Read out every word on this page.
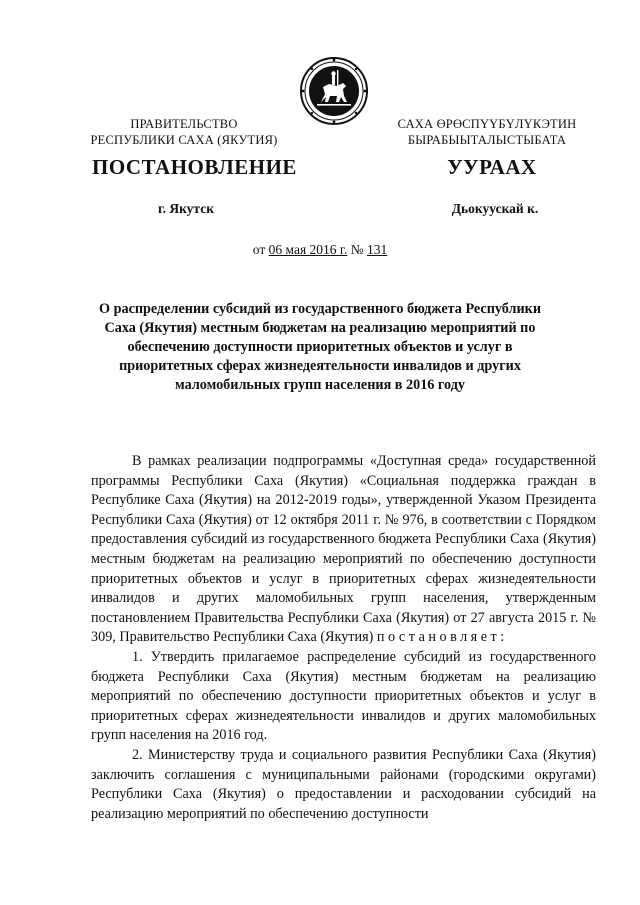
ПРАВИТЕЛЬСТВО
РЕСПУБЛИКИ САХА (ЯКУТИЯ)
САХА ӨРӨСПҮҮБҮЛҮКЭТИН
БЫРАБЫЫТАЛЫСТЫБАТА
ПОСТАНОВЛЕНИЕ	УУРААХ
г. Якутск	Дьокуускай к.
от 06 мая 2016 г. № 131
О распределении субсидий из государственного бюджета Республики Саха (Якутия) местным бюджетам на реализацию мероприятий по обеспечению доступности приоритетных объектов и услуг в приоритетных сферах жизнедеятельности инвалидов и других маломобильных групп населения в 2016 году

В рамках реализации подпрограммы «Доступная среда» государственной программы Республики Саха (Якутия) «Социальная поддержка граждан в Республике Саха (Якутия) на 2012-2019 годы», утвержденной Указом Президента Республики Саха (Якутия) от 12 октября 2011 г. № 976, в соответствии с Порядком предоставления субсидий из государственного бюджета Республики Саха (Якутия) местным бюджетам на реализацию мероприятий по обеспечению доступности приоритетных объектов и услуг в приоритетных сферах жизнедеятельности инвалидов и других маломобильных групп населения, утвержденным постановлением Правительства Республики Саха (Якутия) от 27 августа 2015 г. № 309, Правительство Республики Саха (Якутия) постановляет:

1. Утвердить прилагаемое распределение субсидий из государственного бюджета Республики Саха (Якутия) местным бюджетам на реализацию мероприятий по обеспечению доступности приоритетных объектов и услуг в приоритетных сферах жизнедеятельности инвалидов и других маломобильных групп населения на 2016 год.

2. Министерству труда и социального развития Республики Саха (Якутия) заключить соглашения с муниципальными районами (городскими округами) Республики Саха (Якутия) о предоставлении и расходовании субсидий на реализацию мероприятий по обеспечению доступности
